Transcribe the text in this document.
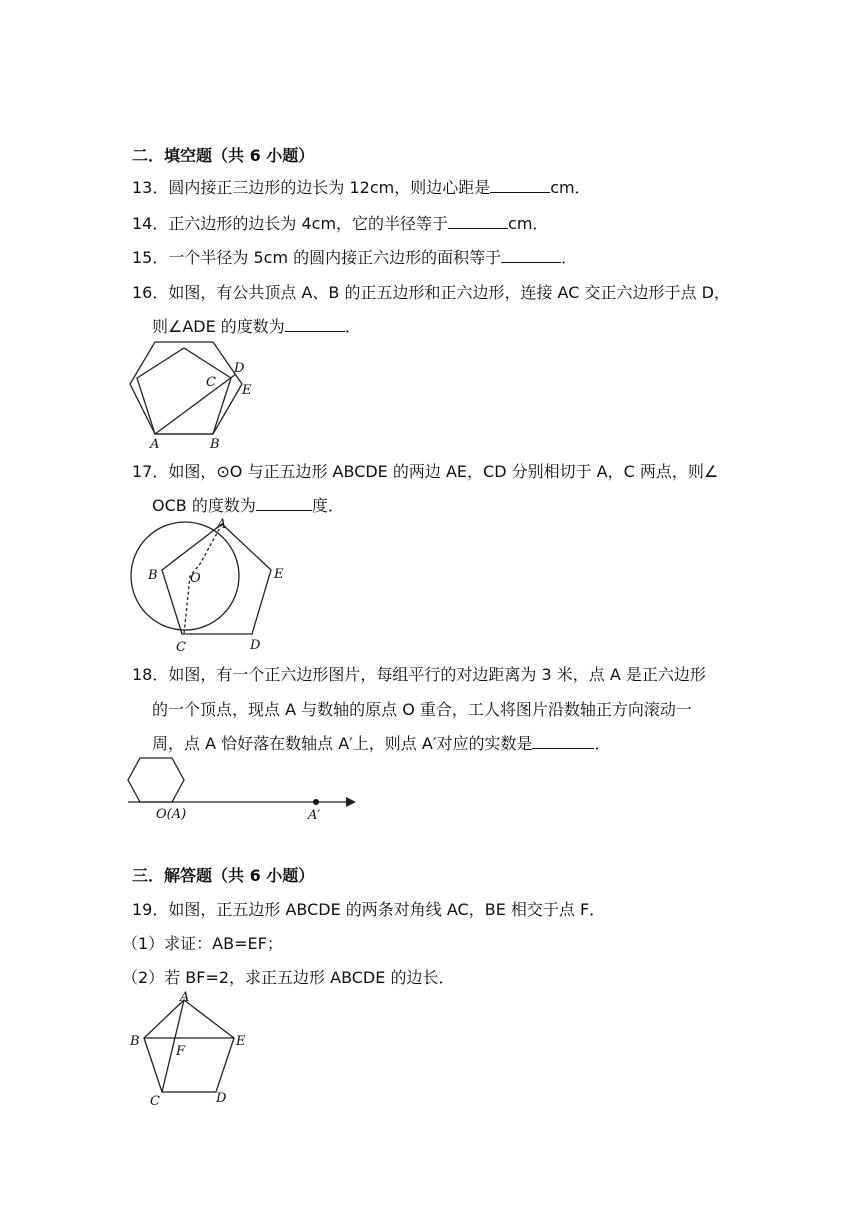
二．填空题（共 6 小题）
13．圆内接正三边形的边长为 12cm，则边心距是	cm．
14．正六边形的边长为 4cm，它的半径等于	cm．
15．一个半径为 5cm 的圆内接正六边形的面积等于	．
16．如图，有公共顶点 A、B 的正五边形和正六边形，连接 AC 交正六边形于点 D，
则∠ADE 的度数为	．
A	B
C
D
E
17．如图，⊙O 与正五边形 ABCDE 的两边 AE，CD 分别相切于 A，C 两点，则∠
OCB 的度数为	度．
A
B O	E
C	D
18．如图，有一个正六边形图片，每组平行的对边距离为 3 米，点 A 是正六边形
的一个顶点，现点 A 与数轴的原点 O 重合，工人将图片沿数轴正方向滚动一
周，点 A 恰好落在数轴点 A′上，则点 A′对应的实数是	．
O(A)	A′
三．解答题（共 6 小题）
19．如图，正五边形 ABCDE 的两条对角线 AC，BE 相交于点 F．
（1）求证：AB=EF；
（2）若 BF=2，求正五边形 ABCDE 的边长．
A
B	E
F
C	D
